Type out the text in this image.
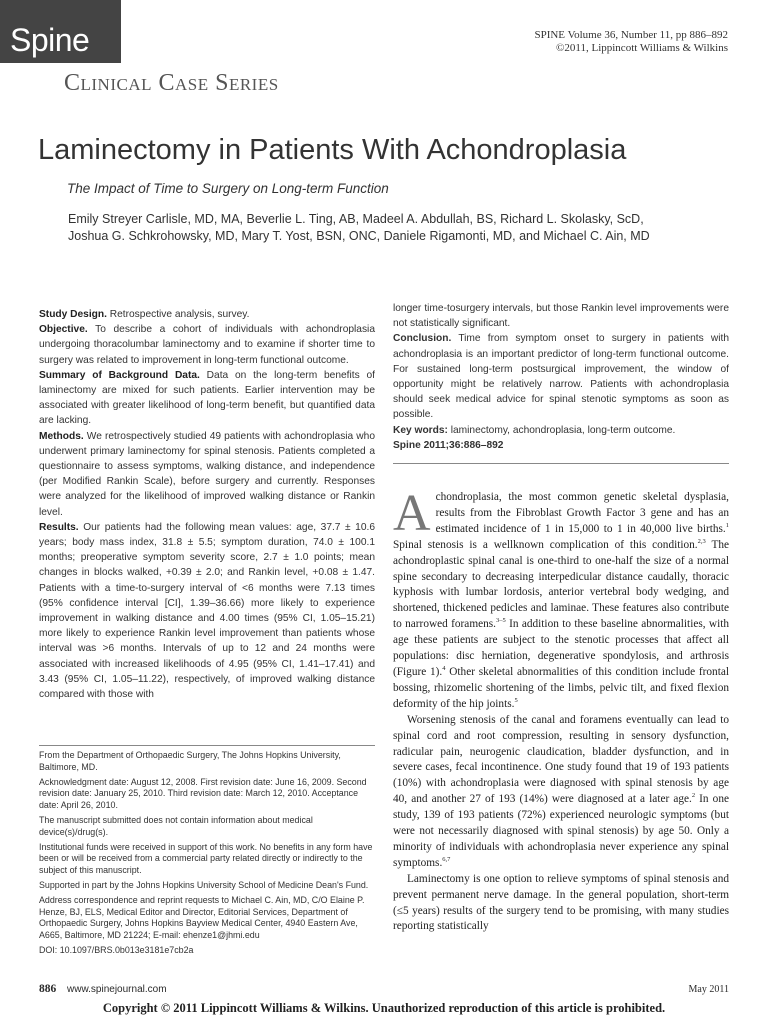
Spine	SPINE Volume 36, Number 11, pp 886–892
©2011, Lippincott Williams & Wilkins
Clinical Case Series
Laminectomy in Patients With Achondroplasia
The Impact of Time to Surgery on Long-term Function
Emily Streyer Carlisle, MD, MA, Beverlie L. Ting, AB, Madeel A. Abdullah, BS, Richard L. Skolasky, ScD,
Joshua G. Schkrohowsky, MD, Mary T. Yost, BSN, ONC, Daniele Rigamonti, MD, and Michael C. Ain, MD

Study Design. Retrospective analysis, survey.

Objective. To describe a cohort of individuals with achondroplasia undergoing thoracolumbar laminectomy and to examine if shorter time to surgery was related to improvement in long-term functional outcome.

Summary of Background Data. Data on the long-term benefits of laminectomy are mixed for such patients. Earlier intervention may be associated with greater likelihood of long-term benefit, but quantified data are lacking.

Methods. We retrospectively studied 49 patients with achondroplasia who underwent primary laminectomy for spinal stenosis. Patients completed a questionnaire to assess symptoms, walking distance, and independence (per Modified Rankin Scale), before surgery and currently. Responses were analyzed for the likelihood of improved walking distance or Rankin level.

Results. Our patients had the following mean values: age, 37.7 ± 10.6 years; body mass index, 31.8 ± 5.5; symptom duration, 74.0 ± 100.1 months; preoperative symptom severity score, 2.7 ± 1.0 points; mean changes in blocks walked, +0.39 ± 2.0; and Rankin level, +0.08 ± 1.47. Patients with a time-to-surgery interval of <6 months were 7.13 times (95% confidence interval [CI], 1.39–36.66) more likely to experience improvement in walking distance and 4.00 times (95% CI, 1.05–15.21) more likely to experience Rankin level improvement than patients whose interval was >6 months. Intervals of up to 12 and 24 months were associated with increased likelihoods of 4.95 (95% CI, 1.41–17.41) and 3.43 (95% CI, 1.05–11.22), respectively, of improved walking distance compared with those with

longer time-tosurgery intervals, but those Rankin level improvements were not statistically significant.

Conclusion. Time from symptom onset to surgery in patients with achondroplasia is an important predictor of long-term functional outcome. For sustained long-term postsurgical improvement, the window of opportunity might be relatively narrow. Patients with achondroplasia should seek medical advice for spinal stenotic symptoms as soon as possible.

Key words: laminectomy, achondroplasia, long-term outcome.

Spine 2011;36:886–892

Achondroplasia, the most common genetic skeletal dysplasia, results from the Fibroblast Growth Factor 3 gene and has an estimated incidence of 1 in 15,000 to 1 in 40,000 live births.$^1$ Spinal stenosis is a wellknown complication of this condition.$^{2,3}$ The achondroplastic spinal canal is one-third to one-half the size of a normal spine secondary to decreasing interpedicular distance caudally, thoracic kyphosis with lumbar lordosis, anterior vertebral body wedging, and shortened, thickened pedicles and laminae. These features also contribute to narrowed foramens.$^{3-5}$ In addition to these baseline abnormalities, with age these patients are subject to the stenotic processes that affect all populations: disc herniation, degenerative spondylosis, and arthrosis (Figure 1).$^4$ Other skeletal abnormalities of this condition include frontal bossing, rhizomelic shortening of the limbs, pelvic tilt, and fixed flexion deformity of the hip joints.$^5$

Worsening stenosis of the canal and foramens eventually can lead to spinal cord and root compression, resulting in sensory dysfunction, radicular pain, neurogenic claudication, bladder dysfunction, and in severe cases, fecal incontinence. One study found that 19 of 193 patients (10%) with achondroplasia were diagnosed with spinal stenosis by age 40, and another 27 of 193 (14%) were diagnosed at a later age.$^2$ In one study, 139 of 193 patients (72%) experienced neurologic symptoms (but were not necessarily diagnosed with spinal stenosis) by age 50. Only a minority of individuals with achondroplasia never experience any spinal symptoms.$^{6,7}$

Laminectomy is one option to relieve symptoms of spinal stenosis and prevent permanent nerve damage. In the general population, short-term (≤5 years) results of the surgery tend to be promising, with many studies reporting statistically

From the Department of Orthopaedic Surgery, The Johns Hopkins University, Baltimore, MD.

Acknowledgment date: August 12, 2008. First revision date: June 16, 2009. Second revision date: January 25, 2010. Third revision date: March 12, 2010. Acceptance date: April 26, 2010.

The manuscript submitted does not contain information about medical device(s)/drug(s).

Institutional funds were received in support of this work. No benefits in any form have been or will be received from a commercial party related directly or indirectly to the subject of this manuscript.

Supported in part by the Johns Hopkins University School of Medicine Dean's Fund.

Address correspondence and reprint requests to Michael C. Ain, MD, C/O Elaine P. Henze, BJ, ELS, Medical Editor and Director, Editorial Services, Department of Orthopaedic Surgery, Johns Hopkins Bayview Medical Center, 4940 Eastern Ave, A665, Baltimore, MD 21224; E-mail: ehenze1@jhmi.edu

DOI: 10.1097/BRS.0b013e3181e7cb2a

886 www.spinejournal.com	May 2011
Copyright © 2011 Lippincott Williams & Wilkins. Unauthorized reproduction of this article is prohibited.
